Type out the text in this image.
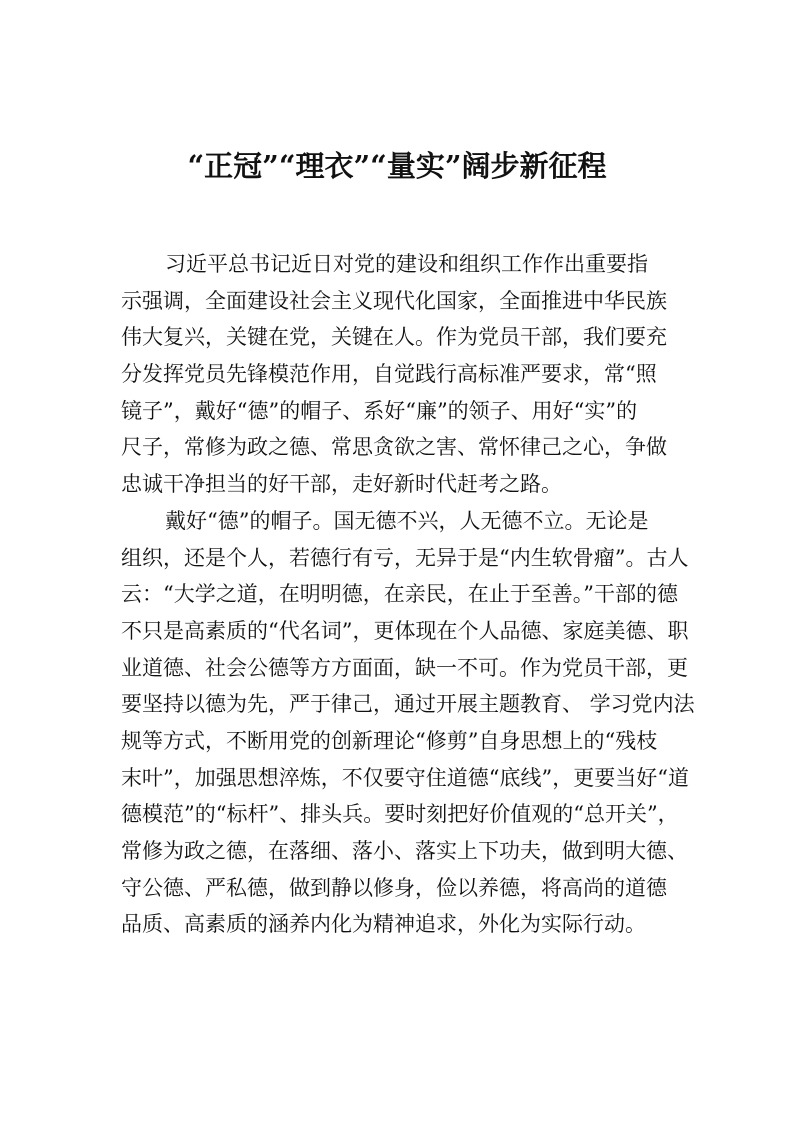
“正冠”“理衣”“量实”阔步新征程
习近平总书记近日对党的建设和组织工作作出重要指
示强调，全面建设社会主义现代化国家，全面推进中华民族
伟大复兴，关键在党，关键在人。作为党员干部，我们要充
分发挥党员先锋模范作用，自觉践行高标准严要求，常“照
镜子”，戴好“德”的帽子、系好“廉”的领子、用好“实”的
尺子，常修为政之德、常思贪欲之害、常怀律己之心，争做
忠诚干净担当的好干部，走好新时代赶考之路。
戴好“德”的帽子。国无德不兴，人无德不立。无论是
组织，还是个人，若德行有亏，无异于是“内生软骨瘤”。古人
云：“大学之道，在明明德，在亲民，在止于至善。”干部的德
不只是高素质的“代名词”，更体现在个人品德、家庭美德、职
业道德、社会公德等方方面面，缺一不可。作为党员干部，更
要坚持以德为先，严于律己，通过开展主题教育、 学习党内法
规等方式，不断用党的创新理论“修剪”自身思想上的“残枝
末叶”，加强思想淬炼，不仅要守住道德“底线”，更要当好“道
德模范”的“标杆”、排头兵。要时刻把好价值观的“总开关”，
常修为政之德，在落细、落小、落实上下功夫，做到明大德、
守公德、严私德，做到静以修身，俭以养德，将高尚的道德
品质、高素质的涵养内化为精神追求，外化为实际行动。
